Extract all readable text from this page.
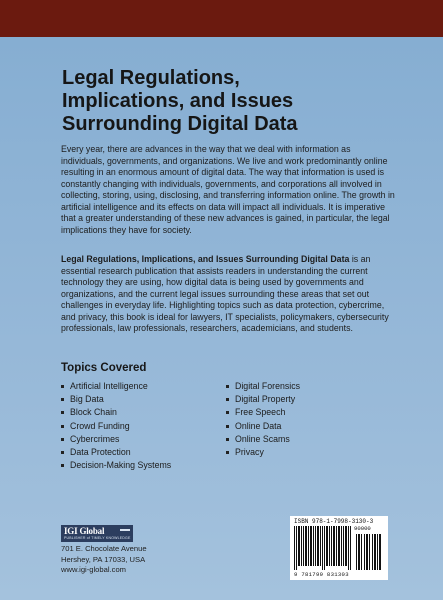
Legal Regulations,
Implications, and Issues
Surrounding Digital Data
Every year, there are advances in the way that we deal with information as individuals, governments, and organizations. We live and work predominantly online resulting in an enormous amount of digital data. The way that information is used is constantly changing with individuals, governments, and corporations all involved in collecting, storing, using, disclosing, and transferring information online. The growth in artificial intelligence and its effects on data will impact all individuals. It is imperative that a greater understanding of these new advances is gained, in particular, the legal implications they have for society.
Legal Regulations, Implications, and Issues Surrounding Digital Data is an essential research publication that assists readers in understanding the current technology they are using, how digital data is being used by governments and organizations, and the current legal issues surrounding these areas that set out challenges in everyday life. Highlighting topics such as data protection, cybercrime, and privacy, this book is ideal for lawyers, IT specialists, policymakers, cybersecurity professionals, law professionals, researchers, academicians, and students.
Topics Covered
Artificial Intelligence
Big Data
Block Chain
Crowd Funding
Cybercrimes
Data Protection
Decision-Making Systems
Digital Forensics
Digital Property
Free Speech
Online Data
Online Scams
Privacy
IGI Global
PUBLISHER of TIMELY KNOWLEDGE
701 E. Chocolate Avenue
Hershey, PA 17033, USA
www.igi-global.com
ISBN 978-1-7998-3130-3
90000
9 781799 831303
